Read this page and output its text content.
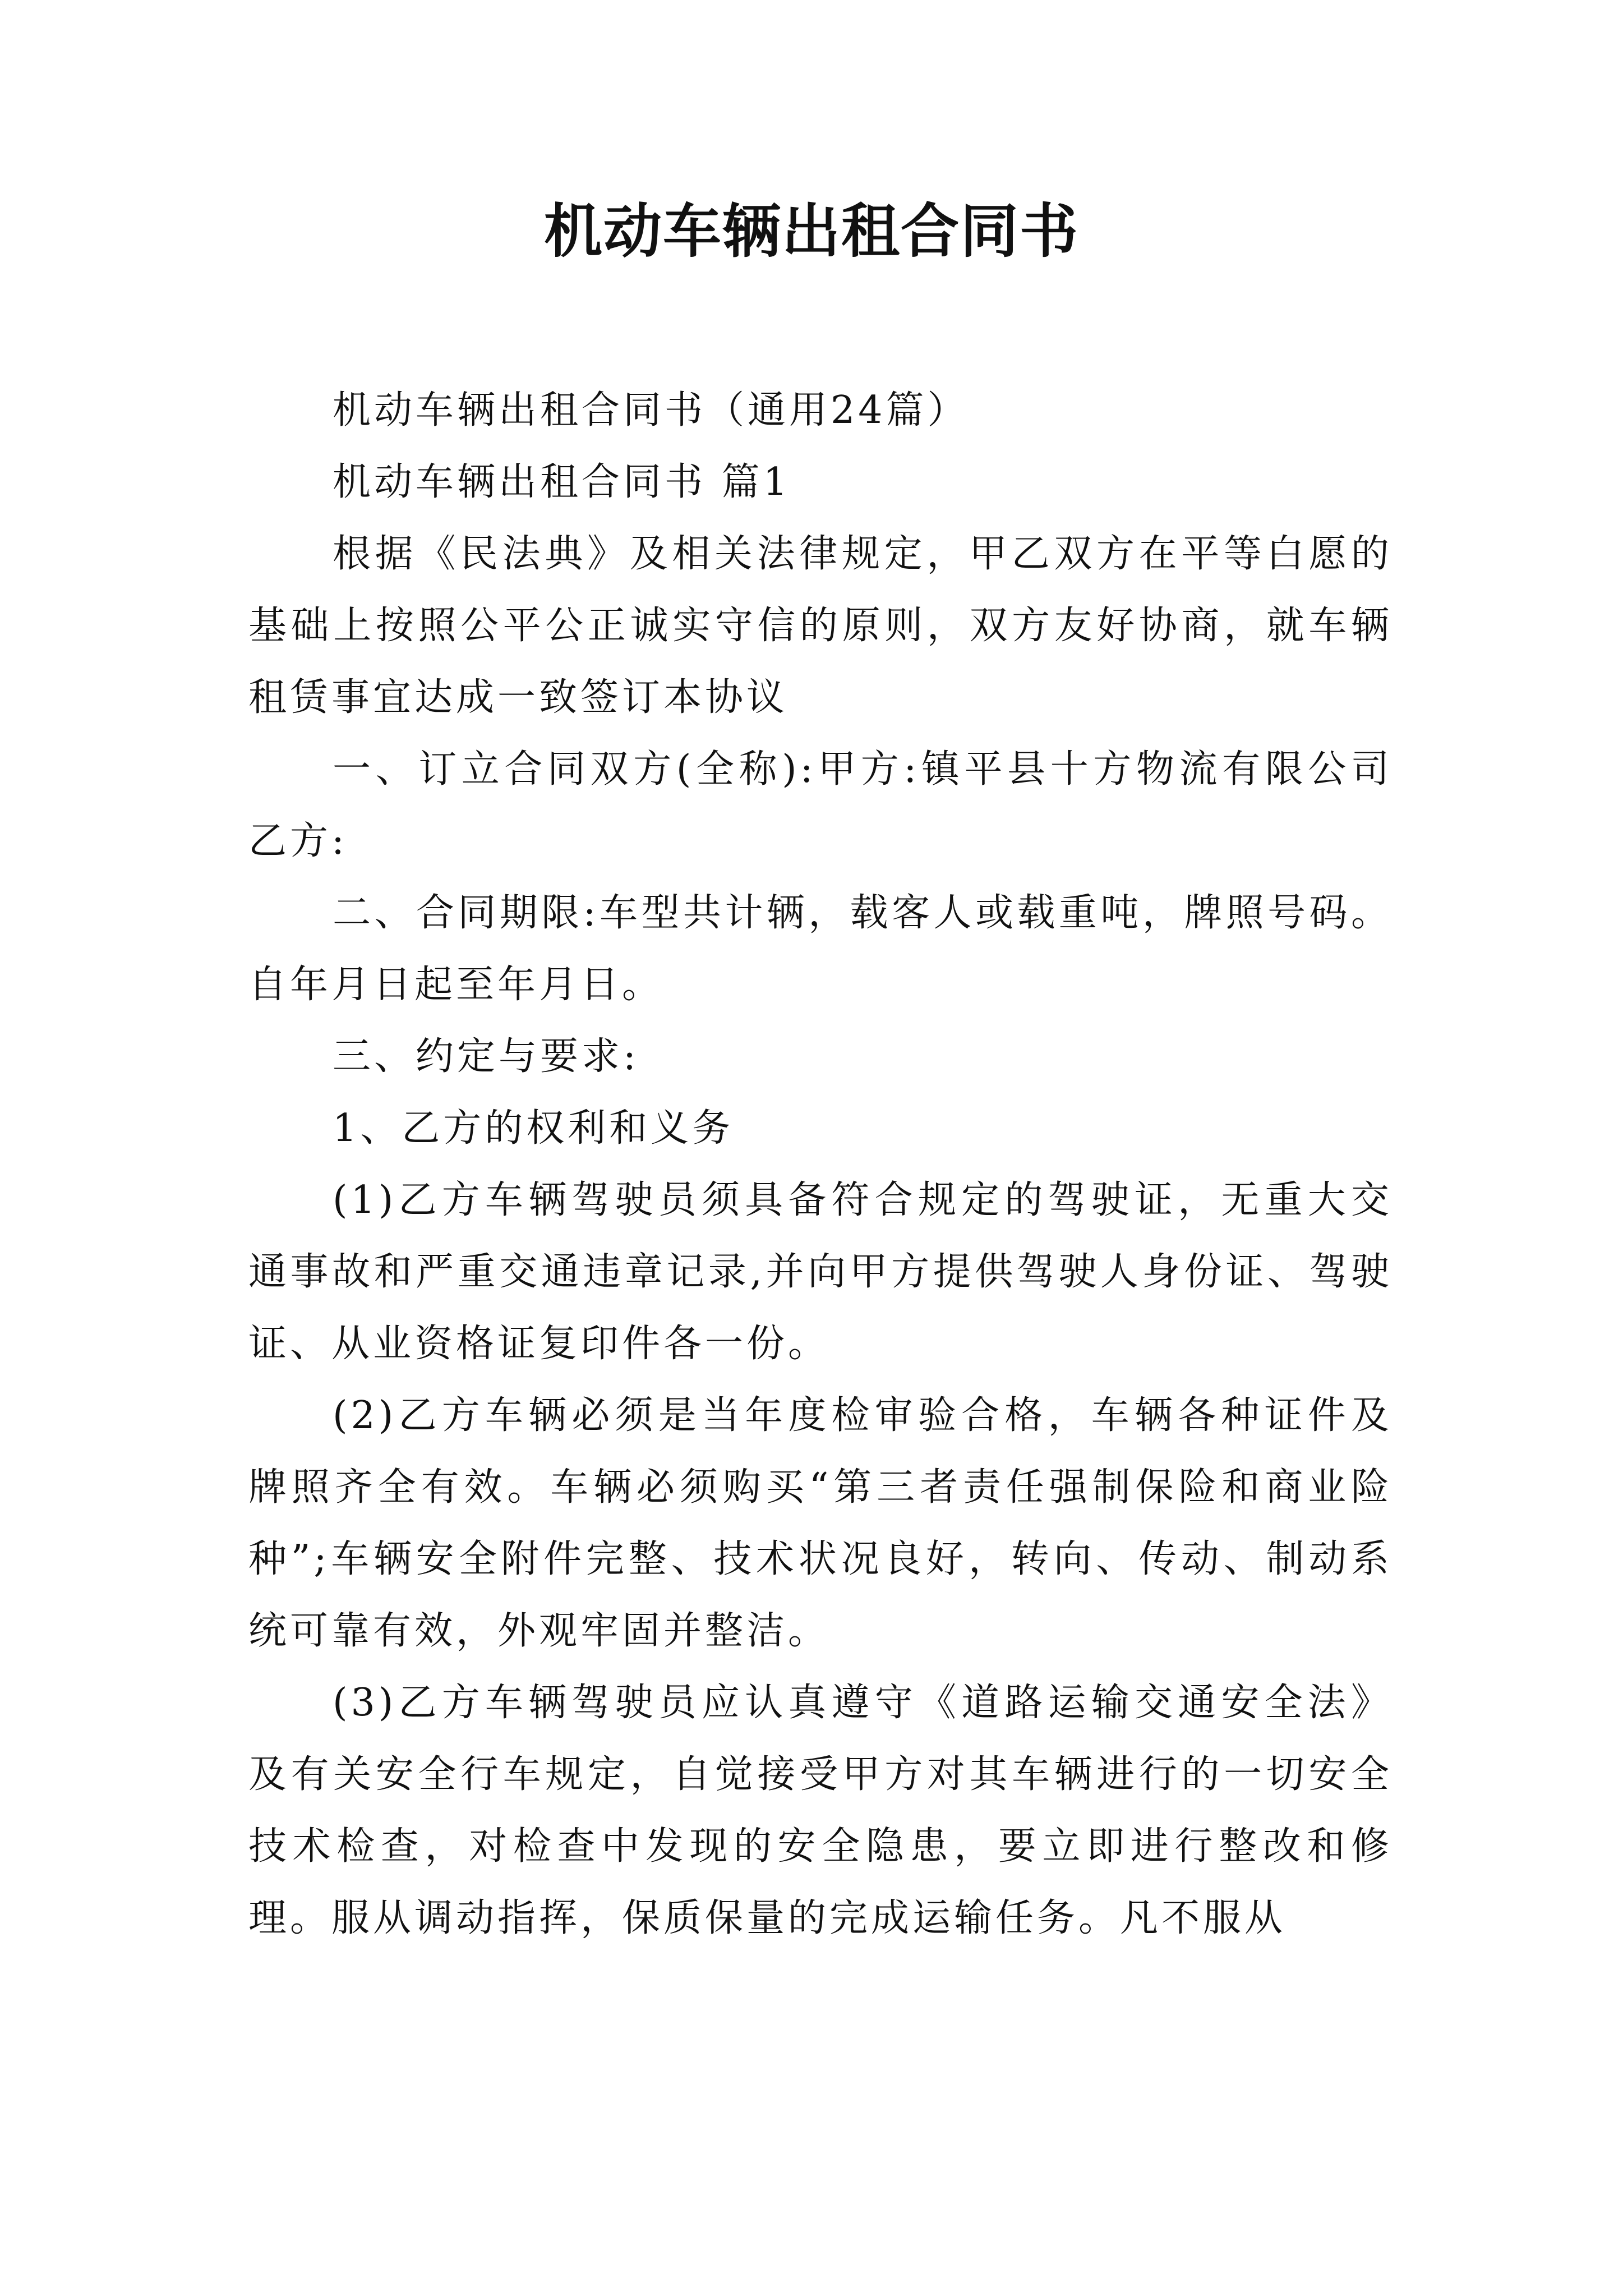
机动车辆出租合同书

机动车辆出租合同书（通用24篇）

机动车辆出租合同书 篇1

根据《民法典》及相关法律规定，甲乙双方在平等白愿的基础上按照公平公正诚实守信的原则，双方友好协商，就车辆租赁事宜达成一致签订本协议

一、订立合同双方(全称):甲方:镇平县十方物流有限公司乙方:

二、合同期限:车型共计辆，载客人或载重吨，牌照号码。自年月日起至年月日。

三、约定与要求:

1、乙方的权利和义务

(1)乙方车辆驾驶员须具备符合规定的驾驶证，无重大交通事故和严重交通违章记录,并向甲方提供驾驶人身份证、驾驶证、从业资格证复印件各一份。

(2)乙方车辆必须是当年度检审验合格，车辆各种证件及牌照齐全有效。车辆必须购买“第三者责任强制保险和商业险种”;车辆安全附件完整、技术状况良好，转向、传动、制动系统可靠有效，外观牢固并整洁。

(3)乙方车辆驾驶员应认真遵守《道路运输交通安全法》及有关安全行车规定，自觉接受甲方对其车辆进行的一切安全技术检查，对检查中发现的安全隐患，要立即进行整改和修理。服从调动指挥，保质保量的完成运输任务。凡不服从
